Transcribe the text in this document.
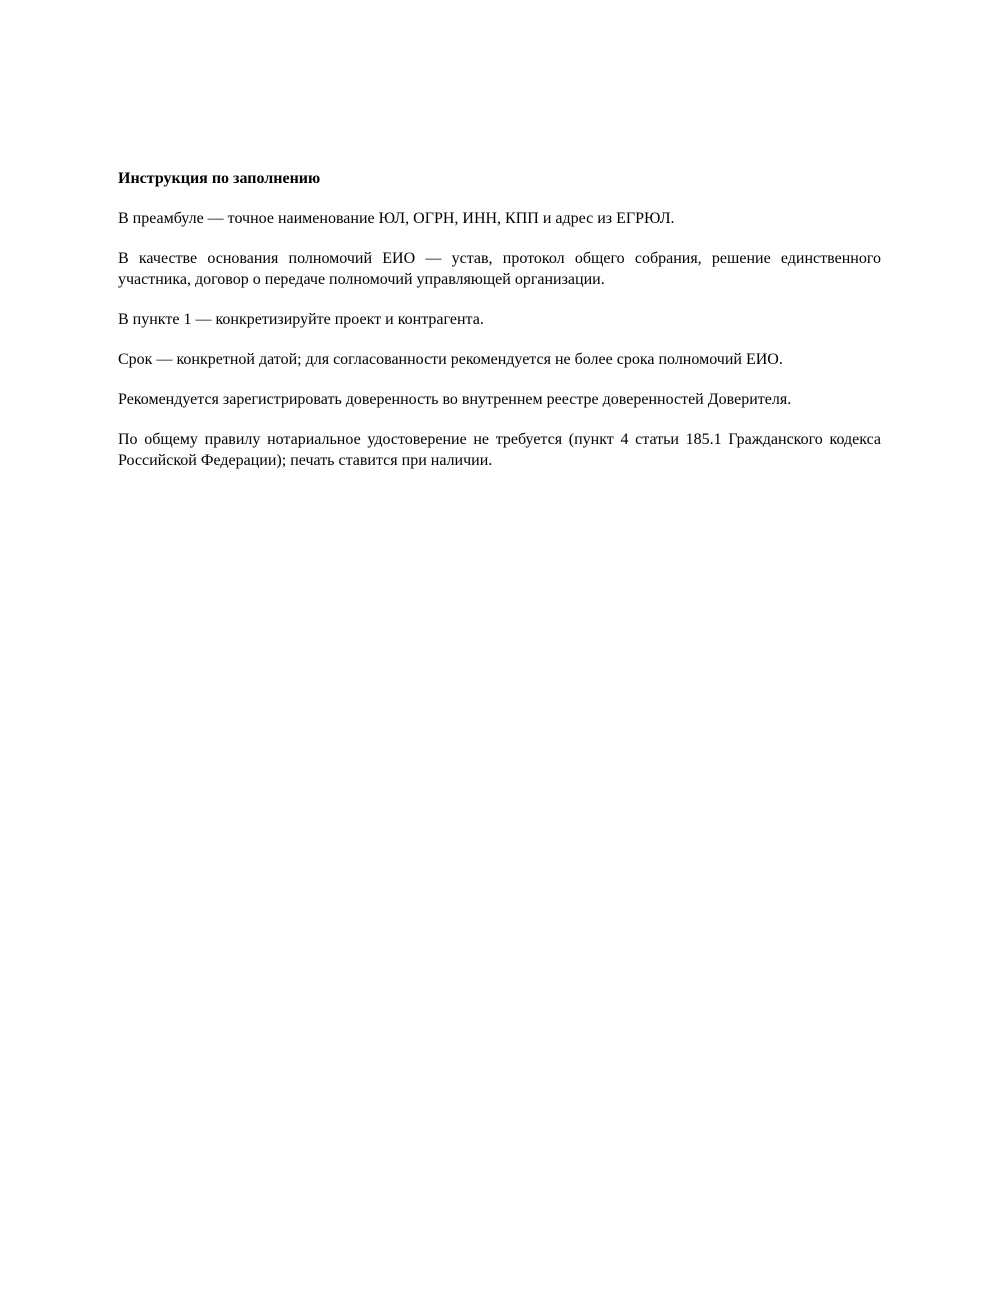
Инструкция по заполнению

В преамбуле — точное наименование ЮЛ, ОГРН, ИНН, КПП и адрес из ЕГРЮЛ.

В качестве основания полномочий ЕИО — устав, протокол общего собрания, решение единственного участника, договор о передаче полномочий управляющей организации.

В пункте 1 — конкретизируйте проект и контрагента.

Срок — конкретной датой; для согласованности рекомендуется не более срока полномочий ЕИО.

Рекомендуется зарегистрировать доверенность во внутреннем реестре доверенностей Доверителя.

По общему правилу нотариальное удостоверение не требуется (пункт 4 статьи 185.1 Гражданского кодекса Российской Федерации); печать ставится при наличии.
